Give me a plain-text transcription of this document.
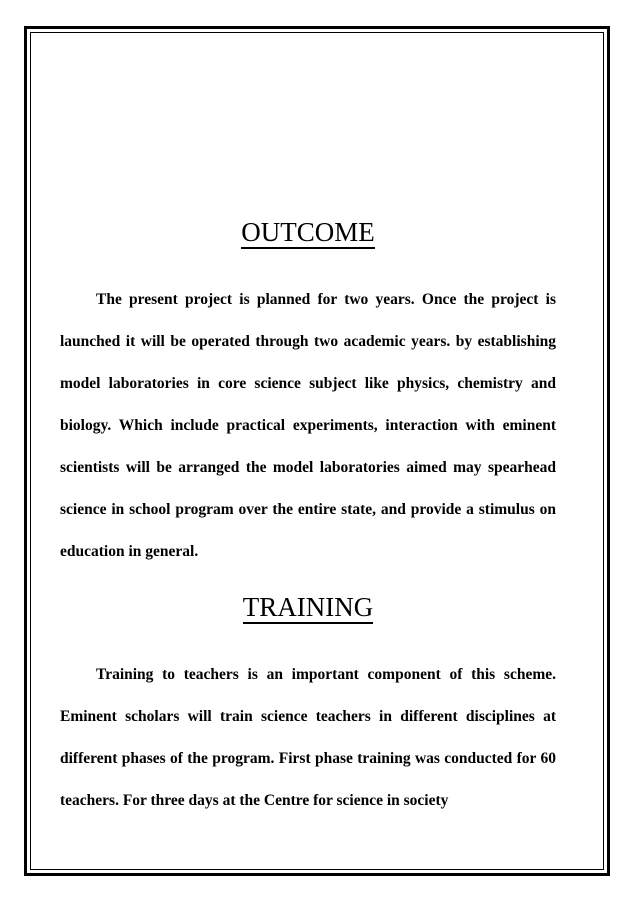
OUTCOME

The present project is planned for two years. Once the project is launched it will be operated through two academic years. by establishing model laboratories in core science subject like physics, chemistry and biology. Which include practical experiments, interaction with eminent scientists will be arranged the model laboratories aimed may spearhead science in school program over the entire state, and provide a stimulus on education in general.

TRAINING

Training to teachers is an important component of this scheme. Eminent scholars will train science teachers in different disciplines at different phases of the program. First phase training was conducted for 60 teachers. For three days at the Centre for science in society
